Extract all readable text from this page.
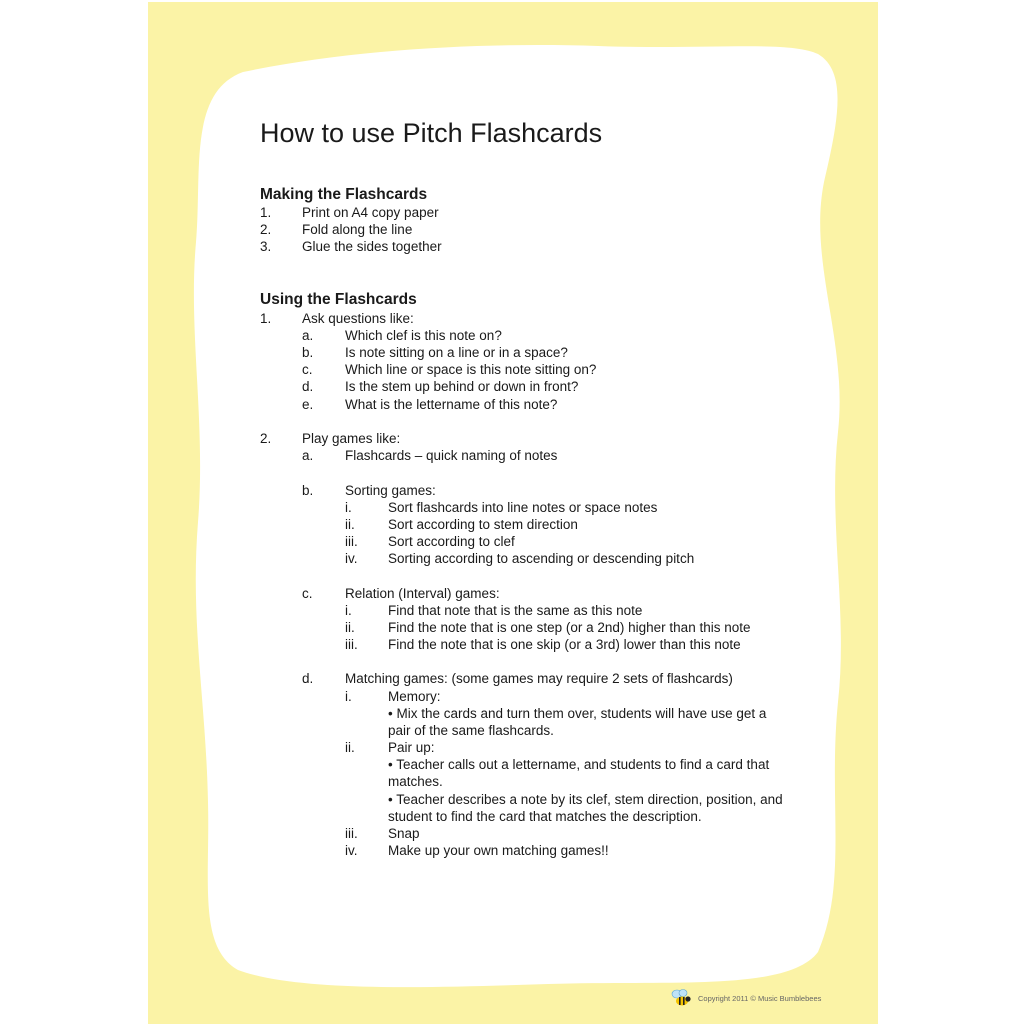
How to use Pitch Flashcards
Making the Flashcards
1. Print on A4 copy paper
2. Fold along the line
3. Glue the sides together
Using the Flashcards
1. Ask questions like:
a. Which clef is this note on?
b. Is note sitting on a line or in a space?
c. Which line or space is this note sitting on?
d. Is the stem up behind or down in front?
e. What is the lettername of this note?
2. Play games like:
a. Flashcards – quick naming of notes
b. Sorting games:
i.	Sort flashcards into line notes or space notes
ii. Sort according to stem direction
iii. Sort according to clef
iv. Sorting according to ascending or descending pitch
c. Relation (Interval) games:
i.	Find that note that is the same as this note
ii. Find the note that is one step (or a 2nd) higher than this note
iii. Find the note that is one skip (or a 3rd) lower than this note
d. Matching games: (some games may require 2 sets of flashcards)
i.	Memory:
• Mix the cards and turn them over, students will have use get a
pair of the same flashcards.
ii. Pair up:
• Teacher calls out a lettername, and students to find a card that
matches.
• Teacher describes a note by its clef, stem direction, position, and
student to find the card that matches the description.
iii. Snap
iv. Make up your own matching games!!
Copyright 2011 © Music Bumblebees
